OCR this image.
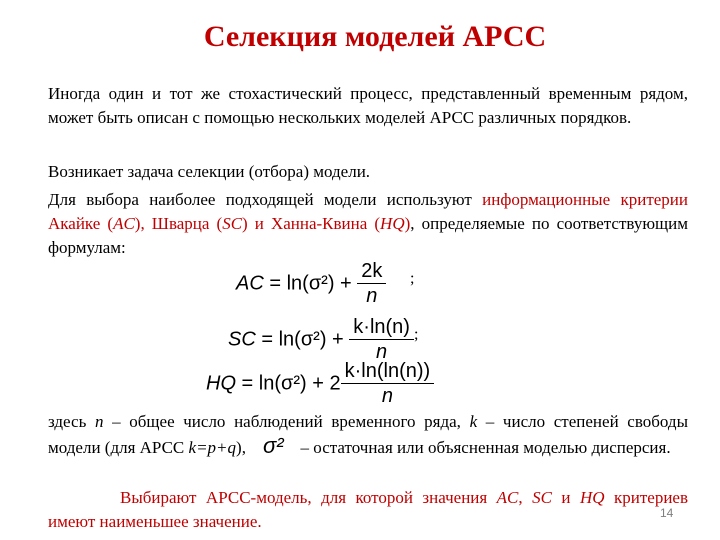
Селекция моделей АРСС
Иногда один и тот же стохастический процесс, представленный временным рядом, может быть описан с помощью нескольких моделей АРСС различных порядков.
Возникает задача селекции (отбора) модели.
Для выбора наиболее подходящей модели используют информационные критерии Акайке (AC), Шварца (SC) и Ханна-Квина (HQ), определяемые по соответствующим формулам:
AC = $\ln(\sigma^2) + \frac{2k}{n}$ ;
SC = $\ln(\sigma^2) + \frac{k\cdot\ln(n)}{n}$ ;
HQ = $\ln(\sigma^2) + 2 \frac{k\cdot\ln(\ln(n))}{n}$
здесь n – общее число наблюдений временного ряда, k – число степеней свободы модели (для АРСС k=p+q), σ²    – остаточная или объясненная моделью дисперсия.
Выбирают АРСС-модель, для которой значения AC, SC и HQ критериев имеют наименьшее значение.	14
